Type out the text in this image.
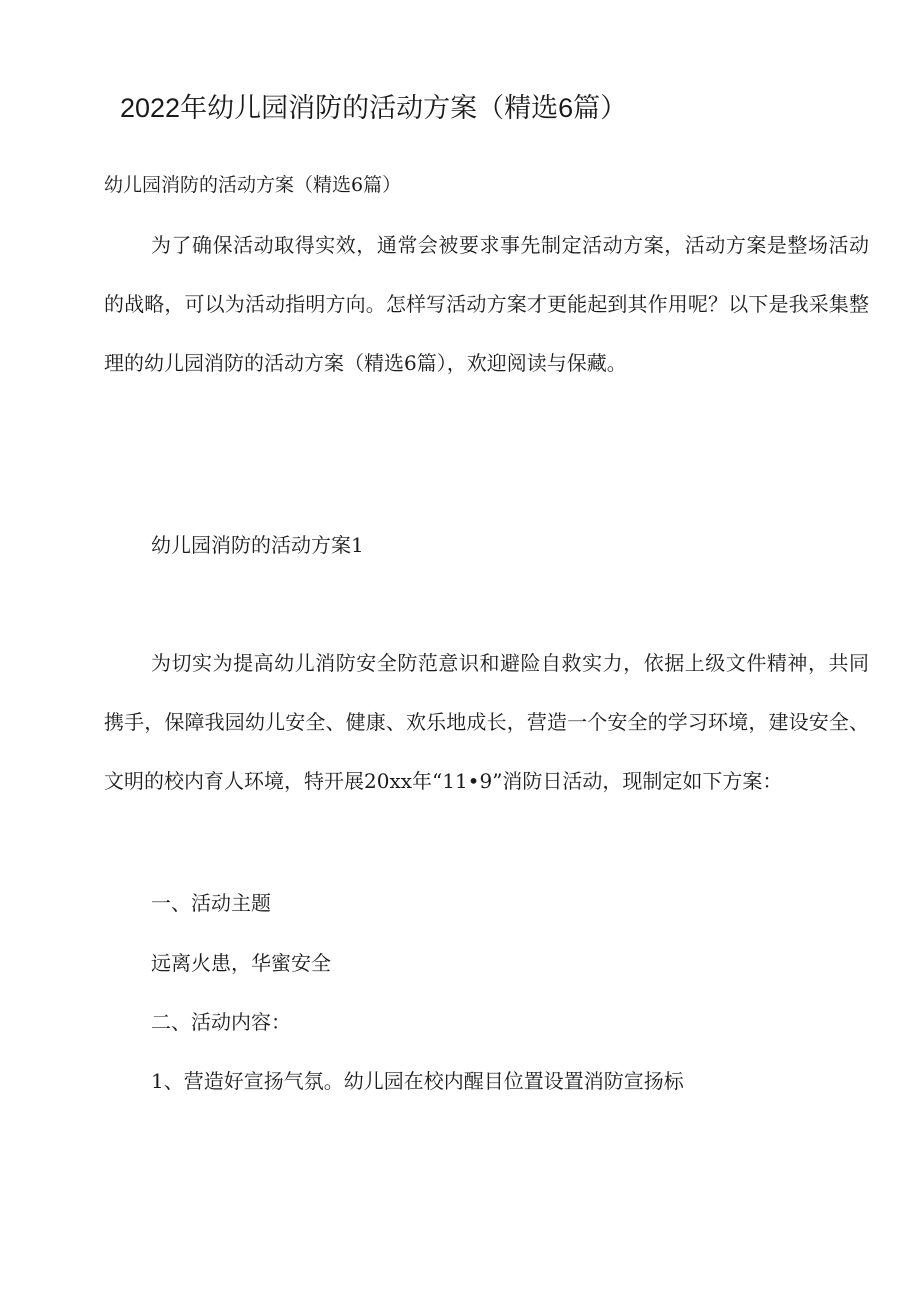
2022年幼儿园消防的活动方案（精选6篇）
幼儿园消防的活动方案（精选6篇）

为了确保活动取得实效，通常会被要求事先制定活动方案，活动方案是整场活动的战略，可以为活动指明方向。怎样写活动方案才更能起到其作用呢？以下是我采集整理的幼儿园消防的活动方案（精选6篇），欢迎阅读与保藏。

幼儿园消防的活动方案1

为切实为提高幼儿消防安全防范意识和避险自救实力，依据上级文件精神，共同携手，保障我园幼儿安全、健康、欢乐地成长，营造一个安全的学习环境，建设安全、文明的校内育人环境，特开展20xx年“11•9”消防日活动，现制定如下方案：

一、活动主题
远离火患，华蜜安全
二、活动内容：
1、营造好宣扬气氛。幼儿园在校内醒目位置设置消防宣扬标
